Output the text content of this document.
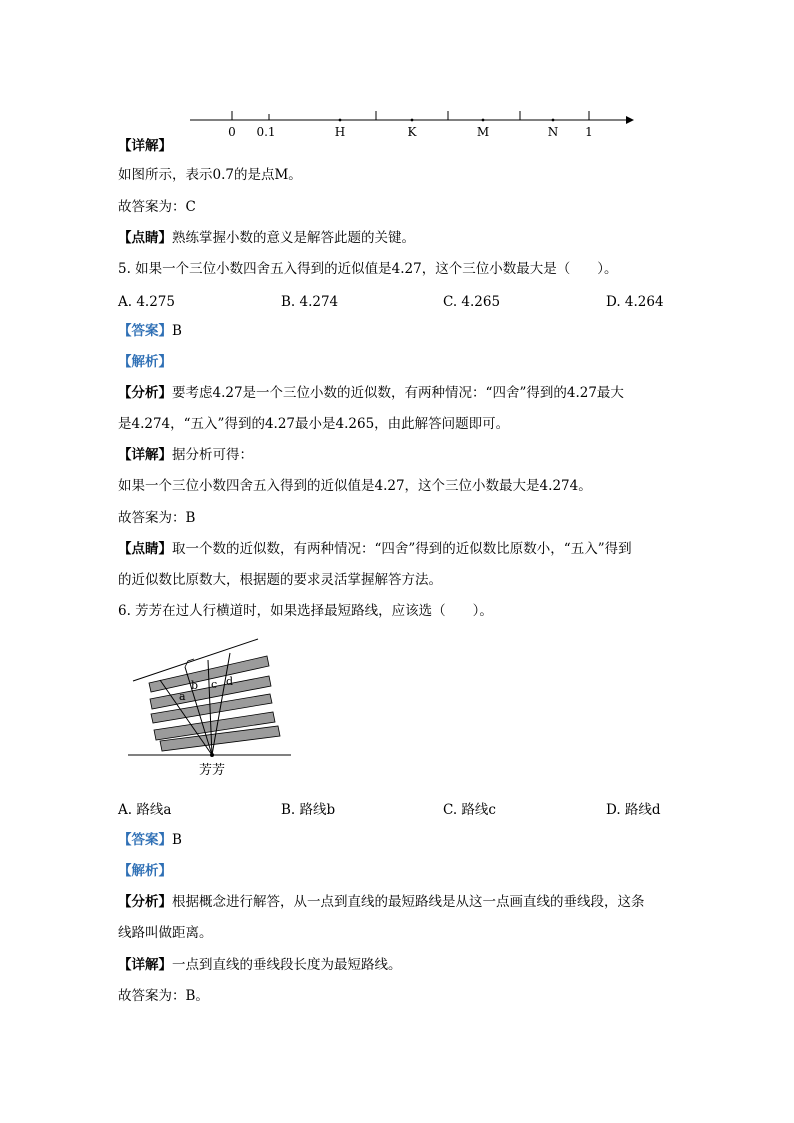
0 0.1	H	K	M	N 1
【详解】
如图所示，表示0.7的是点M。
故答案为：C
【点睛】熟练掌握小数的意义是解答此题的关键。
5. 如果一个三位小数四舍五入得到的近似值是4.27，这个三位小数最大是（　　）。
A. 4.275	B. 4.274	C. 4.265	D. 4.264
【答案】B
【解析】
【分析】要考虑4.27是一个三位小数的近似数，有两种情况：“四舍”得到的4.27最大
是4.274，“五入”得到的4.27最小是4.265，由此解答问题即可。
【详解】据分析可得：
如果一个三位小数四舍五入得到的近似值是4.27，这个三位小数最大是4.274。
故答案为：B
【点睛】取一个数的近似数，有两种情况：“四舍”得到的近似数比原数小，“五入”得到
的近似数比原数大，根据题的要求灵活掌握解答方法。
6. 芳芳在过人行横道时，如果选择最短路线，应该选（　　）。
a
b c d
芳芳
A. 路线a	B. 路线b	C. 路线c	D. 路线d
【答案】B
【解析】
【分析】根据概念进行解答，从一点到直线的最短路线是从这一点画直线的垂线段，这条
线路叫做距离。
【详解】一点到直线的垂线段长度为最短路线。
故答案为：B。
